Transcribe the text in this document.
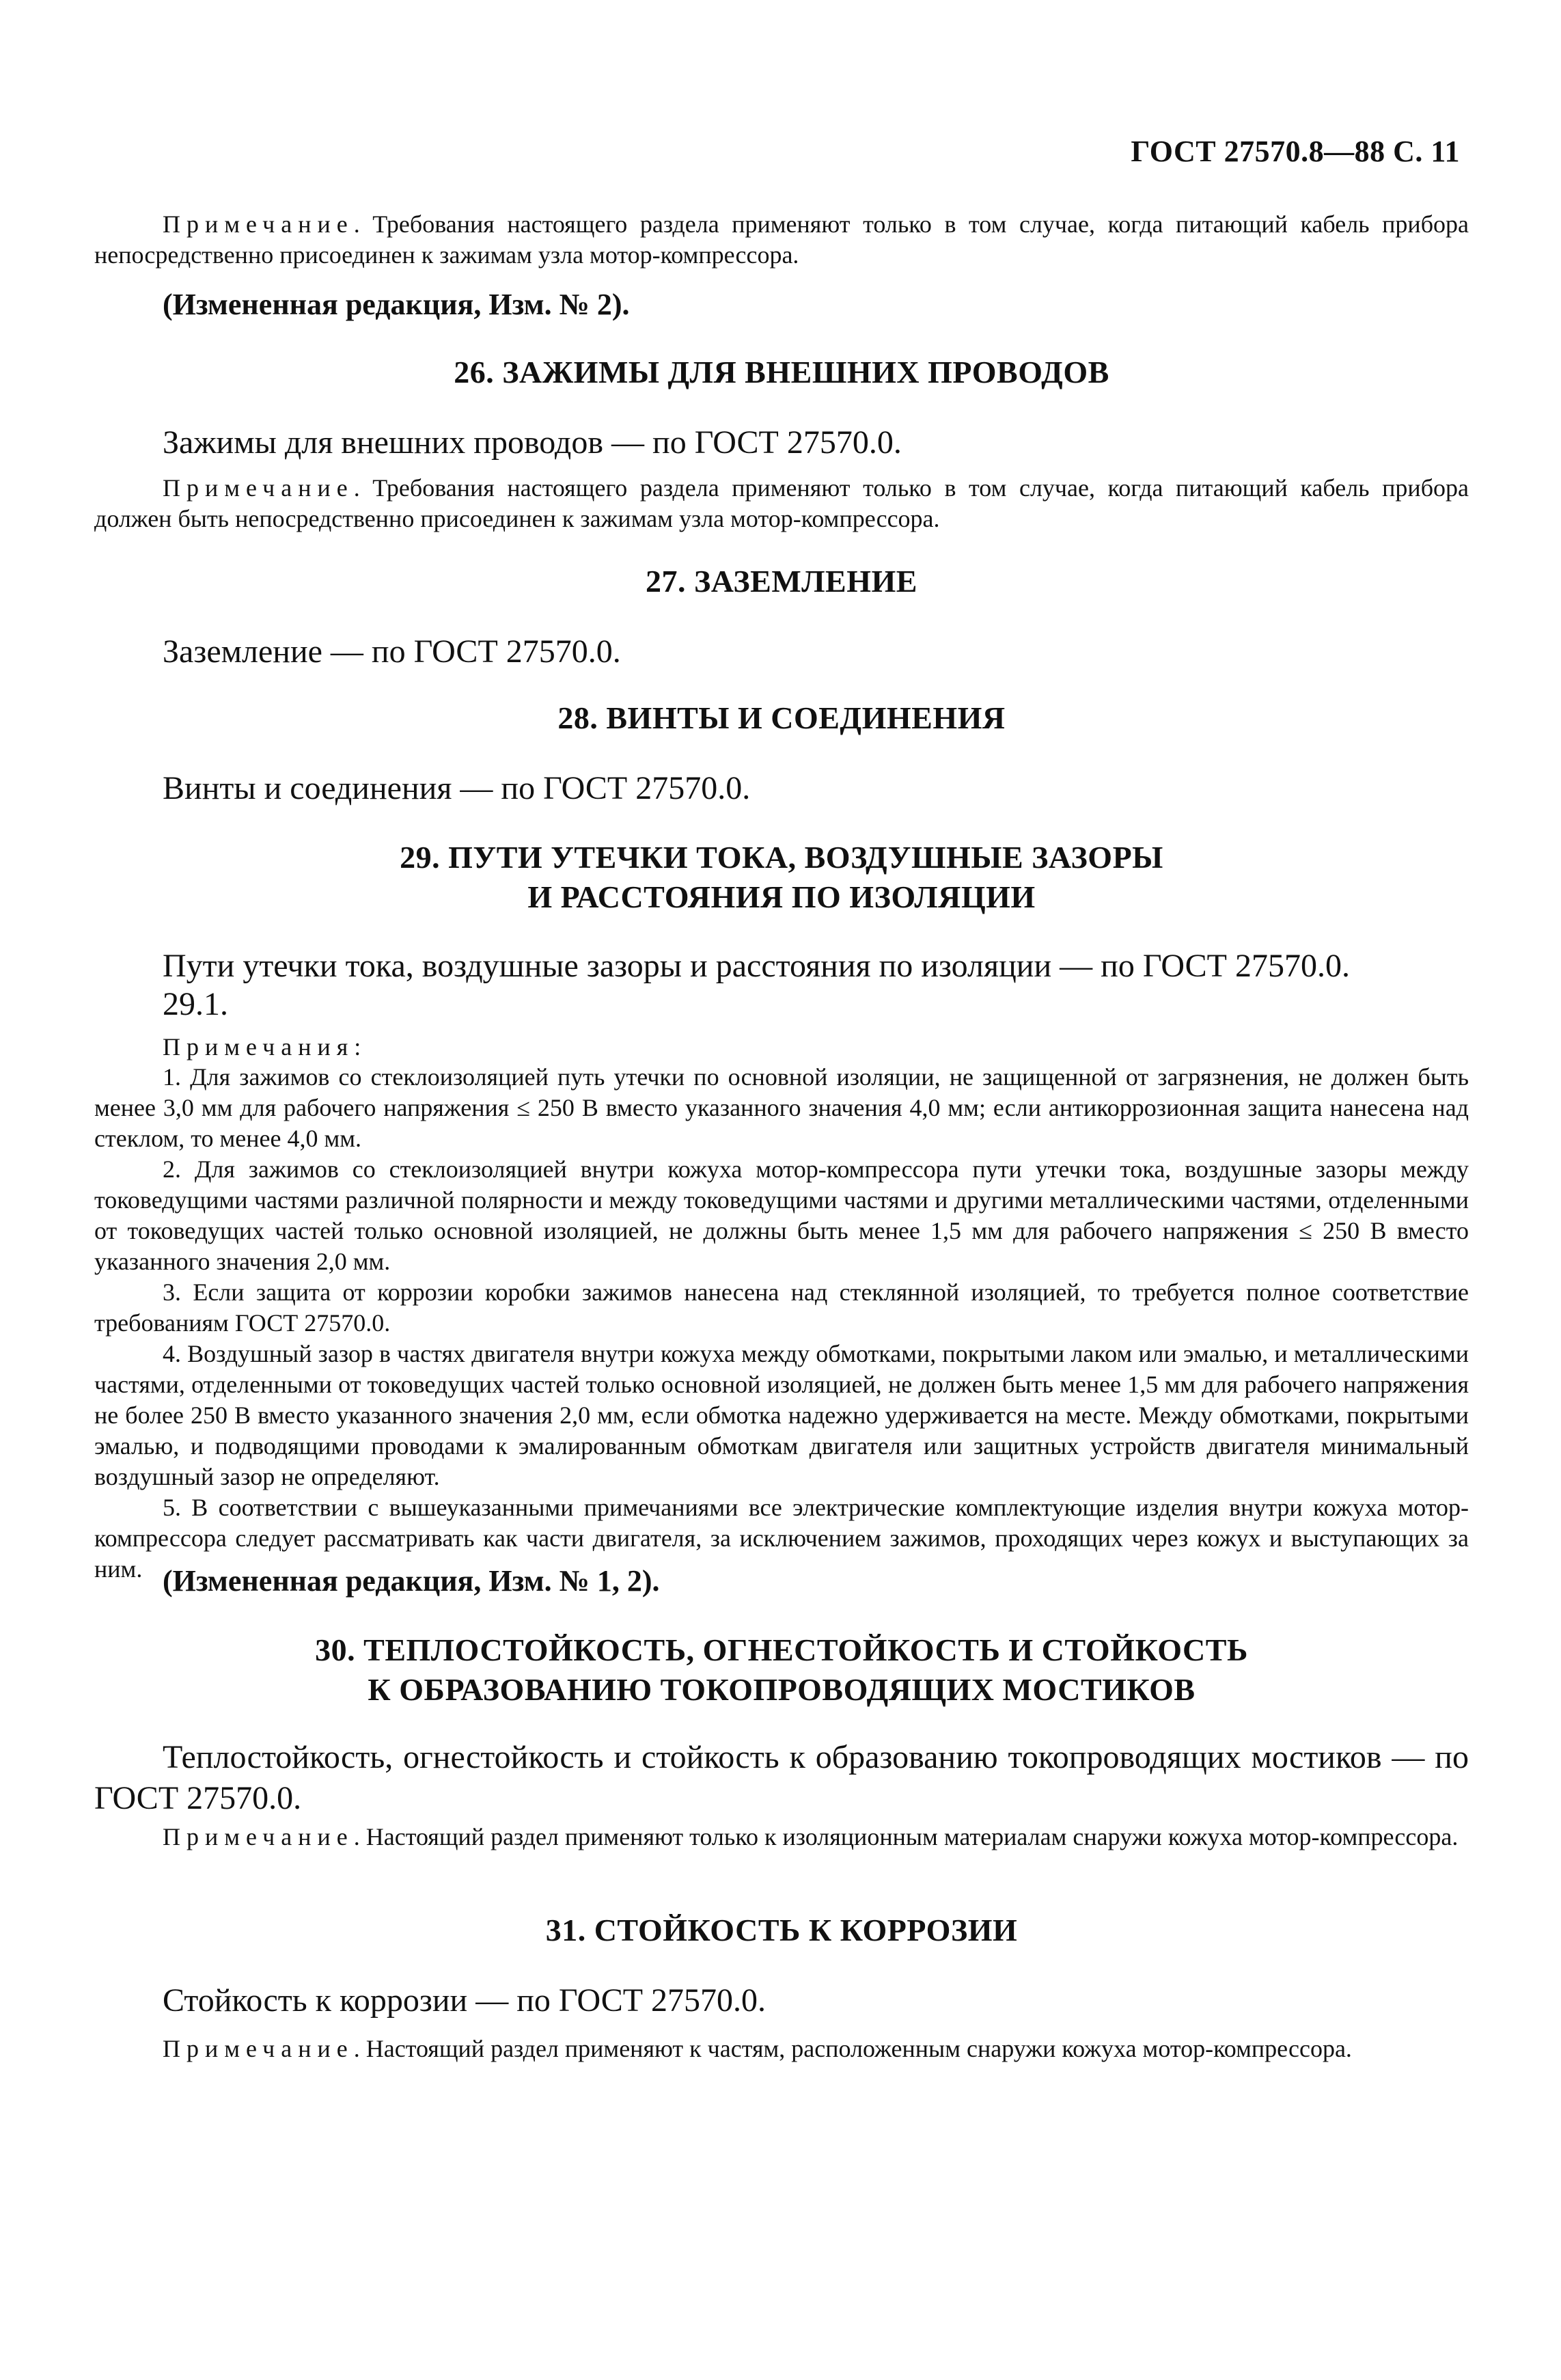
ГОСТ 27570.8—88 С. 11
Примечание. Требования настоящего раздела применяют только в том случае, когда питающий кабель прибора непосредственно присоединен к зажимам узла мотор-компрессора.
(Измененная редакция, Изм. № 2).
26. ЗАЖИМЫ ДЛЯ ВНЕШНИХ ПРОВОДОВ
Зажимы для внешних проводов — по ГОСТ 27570.0.
Примечание. Требования настоящего раздела применяют только в том случае, когда питающий кабель прибора должен быть непосредственно присоединен к зажимам узла мотор-компрессора.
27. ЗАЗЕМЛЕНИЕ
Заземление — по ГОСТ 27570.0.
28. ВИНТЫ И СОЕДИНЕНИЯ
Винты и соединения — по ГОСТ 27570.0.

29. ПУТИ УТЕЧКИ ТОКА, ВОЗДУШНЫЕ ЗАЗОРЫ

И РАССТОЯНИЯ ПО ИЗОЛЯЦИИ

Пути утечки тока, воздушные зазоры и расстояния по изоляции — по ГОСТ 27570.0.
29.1.
Примечания:

1. Для зажимов со стеклоизоляцией путь утечки по основной изоляции, не защищенной от загрязнения, не должен быть менее 3,0 мм для рабочего напряжения ≤ 250 В вместо указанного значения 4,0 мм; если антикоррозионная защита нанесена над стеклом, то менее 4,0 мм.

2. Для зажимов со стеклоизоляцией внутри кожуха мотор-компрессора пути утечки тока, воздушные зазоры между токоведущими частями различной полярности и между токоведущими частями и другими металлическими частями, отделенными от токоведущих частей только основной изоляцией, не должны быть менее 1,5 мм для рабочего напряжения ≤ 250 В вместо указанного значения 2,0 мм.

3. Если защита от коррозии коробки зажимов нанесена над стеклянной изоляцией, то требуется полное соответствие требованиям ГОСТ 27570.0.

4. Воздушный зазор в частях двигателя внутри кожуха между обмотками, покрытыми лаком или эмалью, и металлическими частями, отделенными от токоведущих частей только основной изоляцией, не должен быть менее 1,5 мм для рабочего напряжения не более 250 В вместо указанного значения 2,0 мм, если обмотка надежно удерживается на месте. Между обмотками, покрытыми эмалью, и подводящими проводами к эмалированным обмоткам двигателя или защитных устройств двигателя минимальный воздушный зазор не определяют.

5. В соответствии с вышеуказанными примечаниями все электрические комплектующие изделия внутри кожуха мотор-компрессора следует рассматривать как части двигателя, за исключением зажимов, проходящих через кожух и выступающих за ним. (Измененная редакция, Изм. № 1, 2).

30. ТЕПЛОСТОЙКОСТЬ, ОГНЕСТОЙКОСТЬ И СТОЙКОСТЬ

К ОБРАЗОВАНИЮ ТОКОПРОВОДЯЩИХ МОСТИКОВ

Теплостойкость, огнестойкость и стойкость к образованию токопроводящих мостиков — по ГОСТ 27570.0.
Примечание. Настоящий раздел применяют только к изоляционным материалам снаружи кожуха мотор-компрессора.
31. СТОЙКОСТЬ К КОРРОЗИИ
Стойкость к коррозии — по ГОСТ 27570.0.
Примечание. Настоящий раздел применяют к частям, расположенным снаружи кожуха мотор-компрессора.
